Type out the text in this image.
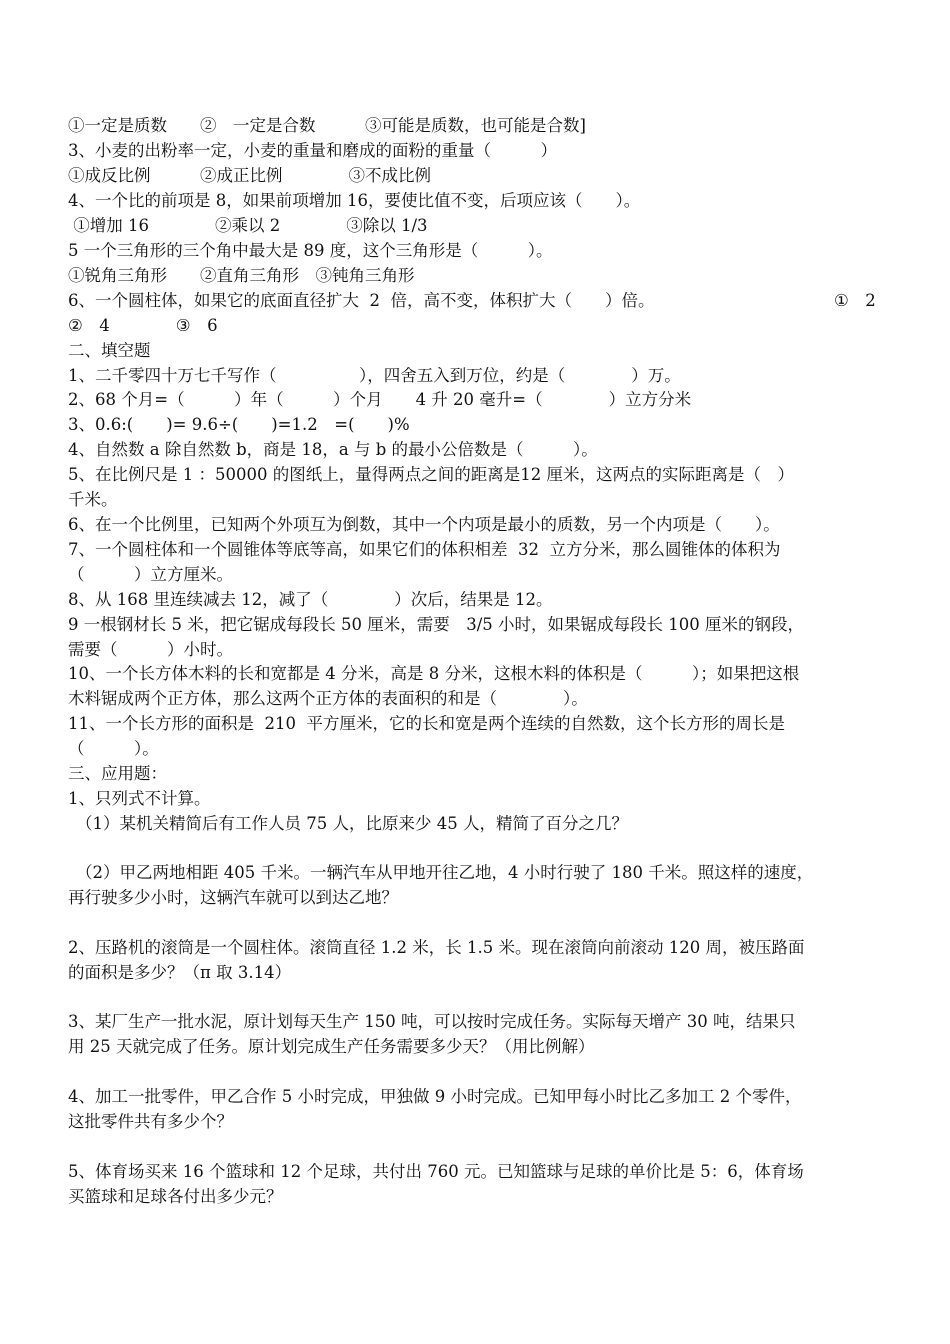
①一定是质数　　②　一定是合数　　　③可能是质数，也可能是合数]
3、小麦的出粉率一定，小麦的重量和磨成的面粉的重量（　　　）
①成反比例　　　②成正比例　　　　③不成比例
4、一个比的前项是 8，如果前项增加 16，要使比值不变，后项应该（　　）。
①增加 16　　　　②乘以 2　　　　③除以 1/3
5 一个三角形的三个角中最大是 89 度，这个三角形是（　　　）。
①锐角三角形　　②直角三角形　③钝角三角形
6、一个圆柱体，如果它的底面直径扩大  2  倍，高不变，体积扩大（　　）倍。	①　2
②　4　　　　③　6
二、填空题
1、二千零四十万七千写作（　　　　　），四舍五入到万位，约是（　　　　）万。
2、68 个月=（　　　）年（　　　）个月　　4 升 20 毫升=（　　　　）立方分米
3、0.6:(　　)= 9.6÷(　　)=1.2　=(　　)%
4、自然数 a 除自然数 b，商是 18，a 与 b 的最小公倍数是（　　　）。
5、在比例尺是 1 ：50000 的图纸上，量得两点之间的距离是12 厘米，这两点的实际距离是（　）
千米。
6、在一个比例里，已知两个外项互为倒数，其中一个内项是最小的质数，另一个内项是（　　）。
7、一个圆柱体和一个圆锥体等底等高，如果它们的体积相差  32  立方分米，那么圆锥体的体积为
（　　　）立方厘米。
8、从 168 里连续减去 12，减了（　　　　）次后，结果是 12。
9 一根钢材长 5 米，把它锯成每段长 50 厘米，需要　3/5 小时，如果锯成每段长 100 厘米的钢段，
需要（　　　）小时。
10、一个长方体木料的长和宽都是 4 分米，高是 8 分米，这根木料的体积是（　　　）；如果把这根
木料锯成两个正方体，那么这两个正方体的表面积的和是（　　　　）。
11、一个长方形的面积是  210  平方厘米，它的长和宽是两个连续的自然数，这个长方形的周长是
（　　　）。
三、应用题：
1、只列式不计算。
（1）某机关精简后有工作人员 75 人，比原来少 45 人，精简了百分之几？
（2）甲乙两地相距 405 千米。一辆汽车从甲地开往乙地，4 小时行驶了 180 千米。照这样的速度，
再行驶多少小时，这辆汽车就可以到达乙地？
2、压路机的滚筒是一个圆柱体。滚筒直径 1.2 米，长 1.5 米。现在滚筒向前滚动 120 周，被压路面
的面积是多少？（π 取 3.14）
3、某厂生产一批水泥，原计划每天生产 150 吨，可以按时完成任务。实际每天增产 30 吨，结果只
用 25 天就完成了任务。原计划完成生产任务需要多少天？（用比例解）
4、加工一批零件，甲乙合作 5 小时完成，甲独做 9 小时完成。已知甲每小时比乙多加工 2 个零件，
这批零件共有多少个？
5、体育场买来 16 个篮球和 12 个足球，共付出 760 元。已知篮球与足球的单价比是 5：6，体育场
买篮球和足球各付出多少元？
